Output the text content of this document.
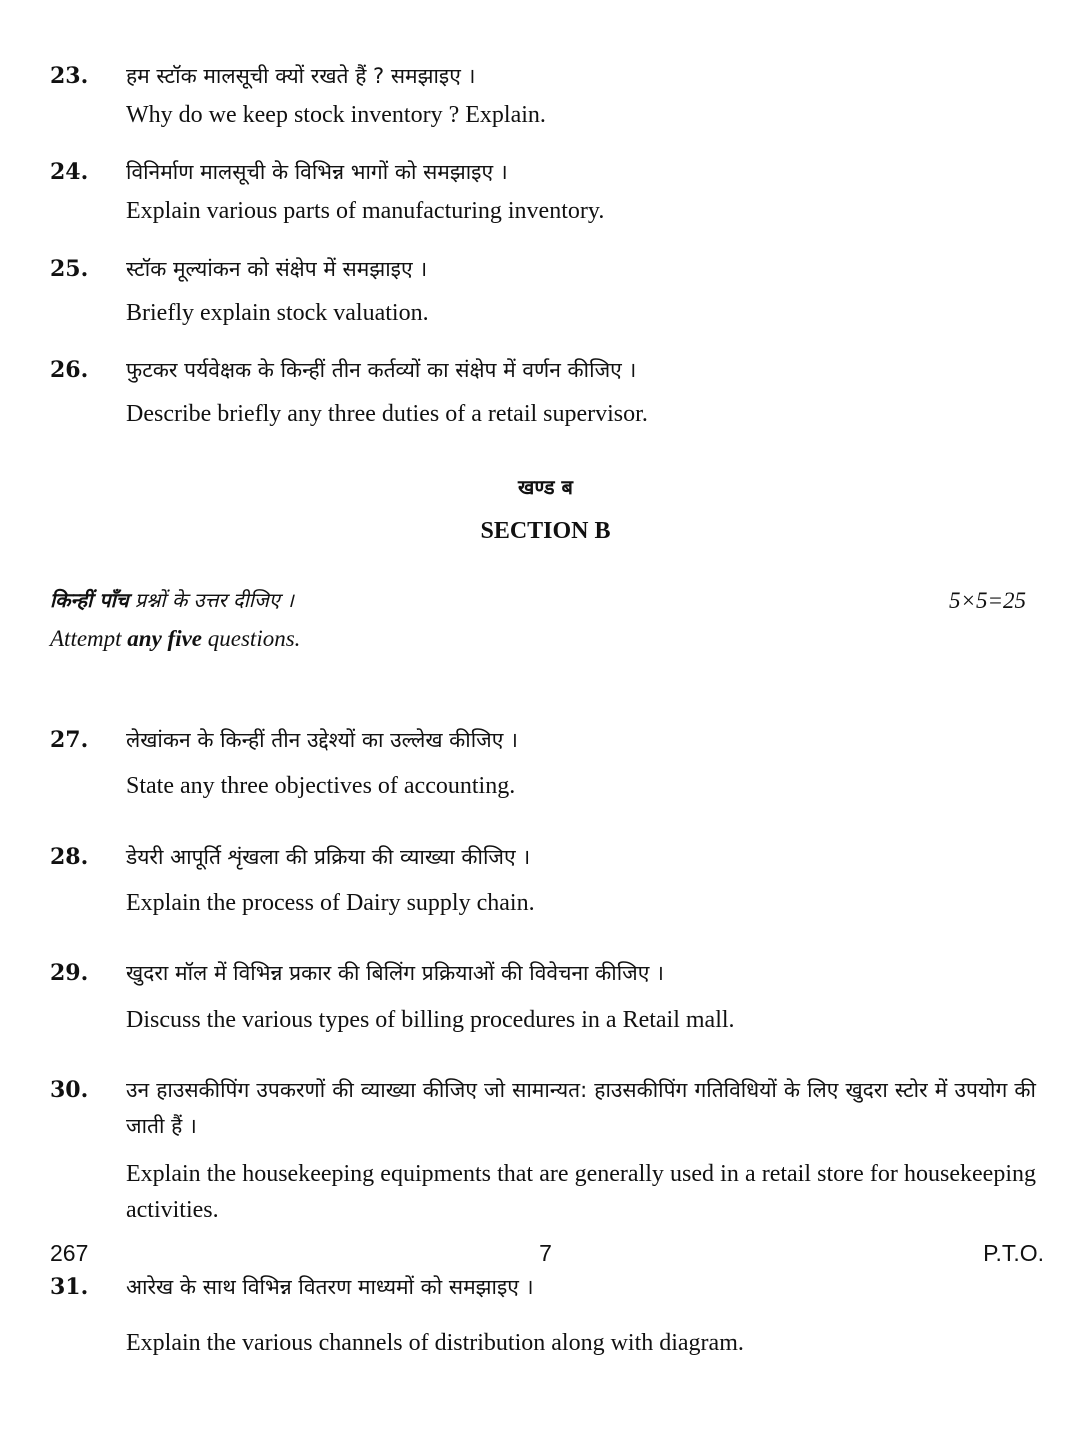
23. हम स्टॉक मालसूची क्यों रखते हैं ? समझाइए ।
Why do we keep stock inventory ? Explain.
24. विनिर्माण मालसूची के विभिन्न भागों को समझाइए ।
Explain various parts of manufacturing inventory.
25. स्टॉक मूल्यांकन को संक्षेप में समझाइए ।
Briefly explain stock valuation.
26. फुटकर पर्यवेक्षक के किन्हीं तीन कर्तव्यों का संक्षेप में वर्णन कीजिए ।
Describe briefly any three duties of a retail supervisor.
खण्ड ब
SECTION B
किन्हीं पाँच प्रश्नों के उत्तर दीजिए ।
Attempt any five questions.
5×5=25
27. लेखांकन के किन्हीं तीन उद्देश्यों का उल्लेख कीजिए ।
State any three objectives of accounting.
28. डेयरी आपूर्ति शृंखला की प्रक्रिया की व्याख्या कीजिए ।
Explain the process of Dairy supply chain.
29. खुदरा मॉल में विभिन्न प्रकार की बिलिंग प्रक्रियाओं की विवेचना कीजिए ।
Discuss the various types of billing procedures in a Retail mall.
30. उन हाउसकीपिंग उपकरणों की व्याख्या कीजिए जो सामान्यत: हाउसकीपिंग गतिविधियों के लिए खुदरा स्टोर में उपयोग की जाती हैं ।
Explain the housekeeping equipments that are generally used in a retail store for housekeeping activities.
31. आरेख के साथ विभिन्न वितरण माध्यमों को समझाइए ।
Explain the various channels of distribution along with diagram.
267	7	P.T.O.
